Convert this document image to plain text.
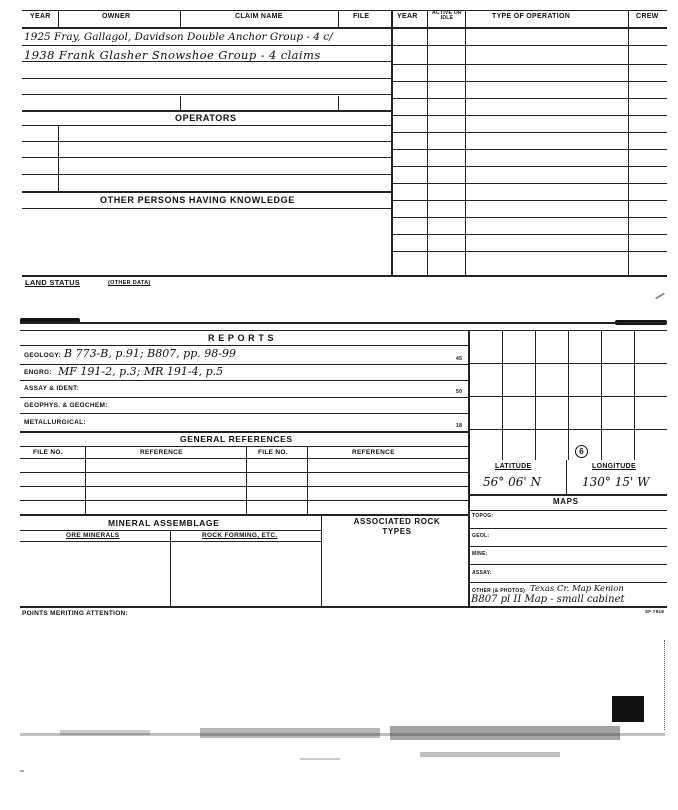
YEAR	OWNER	CLAIM NAME	FILE	YEAR	ACTIVE OR IDLE	TYPE OF OPERATION	CREW
1925 Fray, Gallagol, Davidson Double Anchor Group - 4 c/
1938 Frank Glasher Snowshoe Group - 4 claims
OPERATORS
OTHER PERSONS HAVING KNOWLEDGE
LAND STATUS	(OTHER DATA)
R E P O R T S
GEOLOGY: B 773-B, p.91; B807, pp. 98-99	45
ENGRG: MF 191-2, p.3; MR 191-4, p.5
ASSAY & IDENT:	50
GEOPHYS. & GEOCHEM:
METALLURGICAL:	18
GENERAL REFERENCES
FILE NO.	REFERENCE	FILE NO.	REFERENCE
MINERAL ASSEMBLAGE	ASSOCIATED ROCK TYPES
ORE MINERALS	ROCK FORMING, ETC.
POINTS MERITING ATTENTION:	SF 7918
6
LATITUDE	LONGITUDE
56° 06' N	130° 15' W
MAPS
TOPOG:
GEOL:
MINE:
ASSAY:
OTHER (& PHOTOS) Texas Cr. Map Kenion
B807 pl II Map - small cabinet
